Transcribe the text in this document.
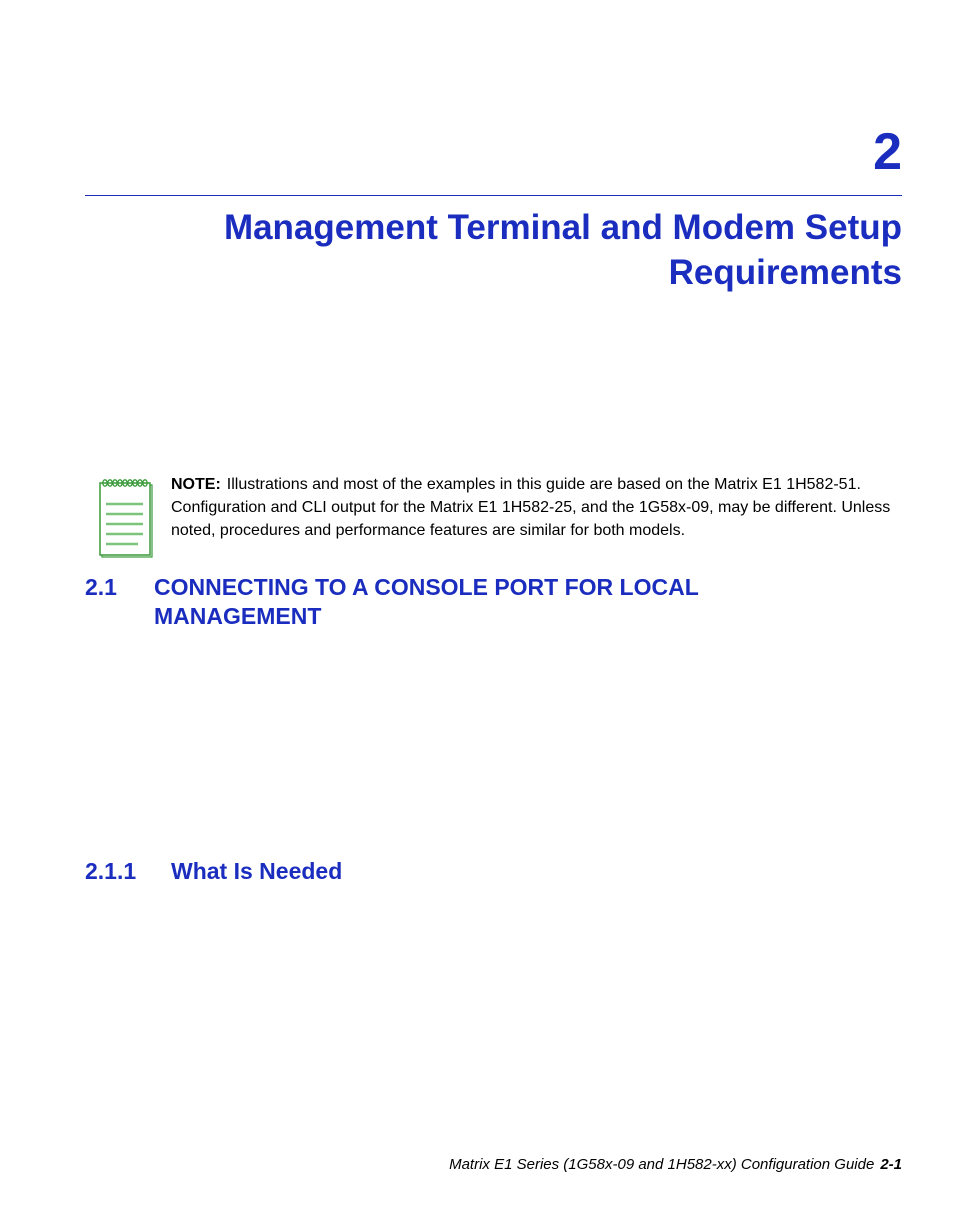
2
Management Terminal and Modem Setup Requirements

NOTE: Illustrations and most of the examples in this guide are based on the Matrix E1 1H582-51. Configuration and CLI output for the Matrix E1 1H582-25, and the 1G58x-09, may be different. Unless noted, procedures and performance features are similar for both models.

2.1 CONNECTING TO A CONSOLE PORT FOR LOCAL MANAGEMENT
2.1.1 What Is Needed
Matrix E1 Series (1G58x-09 and 1H582-xx) Configuration Guide 2-1
